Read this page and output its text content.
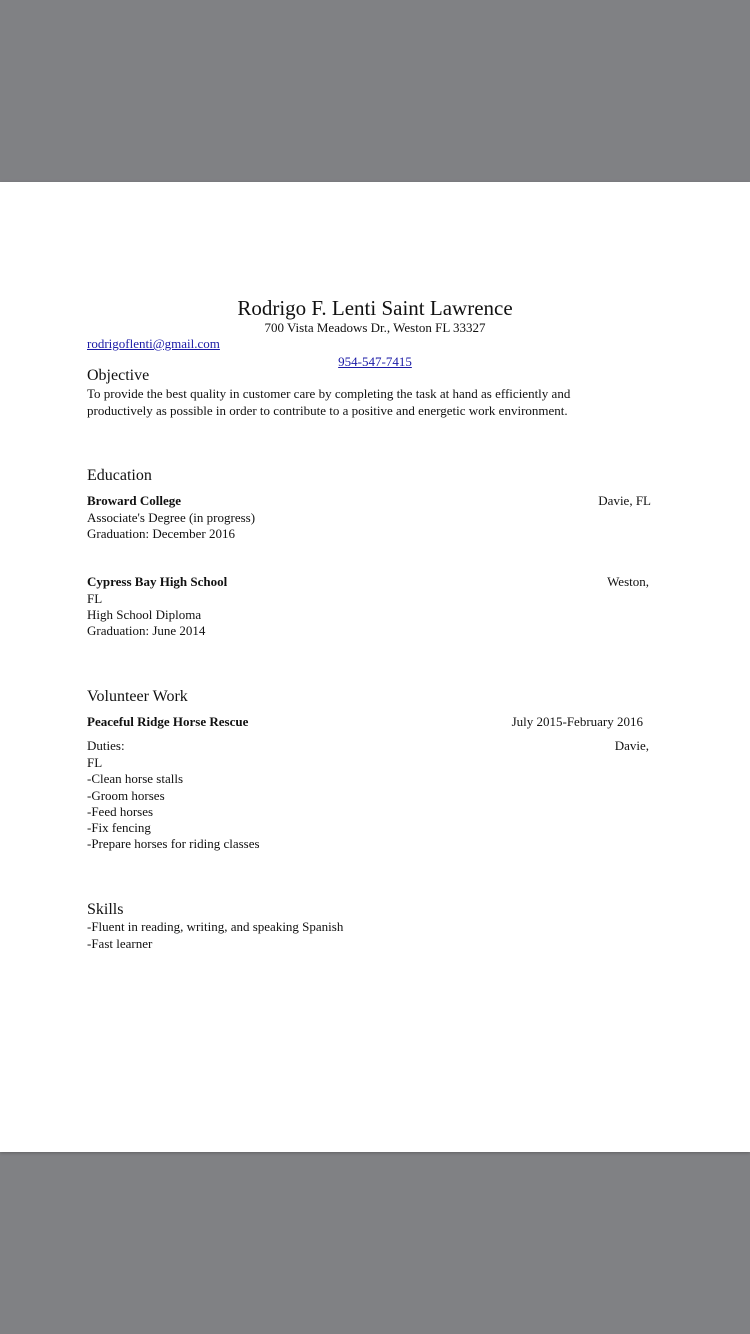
Rodrigo F. Lenti Saint Lawrence
700 Vista Meadows Dr., Weston FL 33327
rodrigoflenti@gmail.com
954-547-7415
Objective
To provide the best quality in customer care by completing the task at hand as efficiently and productively as possible in order to contribute to a positive and energetic work environment.
Education
Broward College	Davie, FL
Associate's Degree (in progress)
Graduation: December 2016
Cypress Bay High School	Weston,
FL
High School Diploma
Graduation: June 2014
Volunteer Work
Peaceful Ridge Horse Rescue	July 2015-February 2016
Duties:	Davie,
FL
-Clean horse stalls
-Groom horses
-Feed horses
-Fix fencing
-Prepare horses for riding classes
Skills
-Fluent in reading, writing, and speaking Spanish
-Fast learner
